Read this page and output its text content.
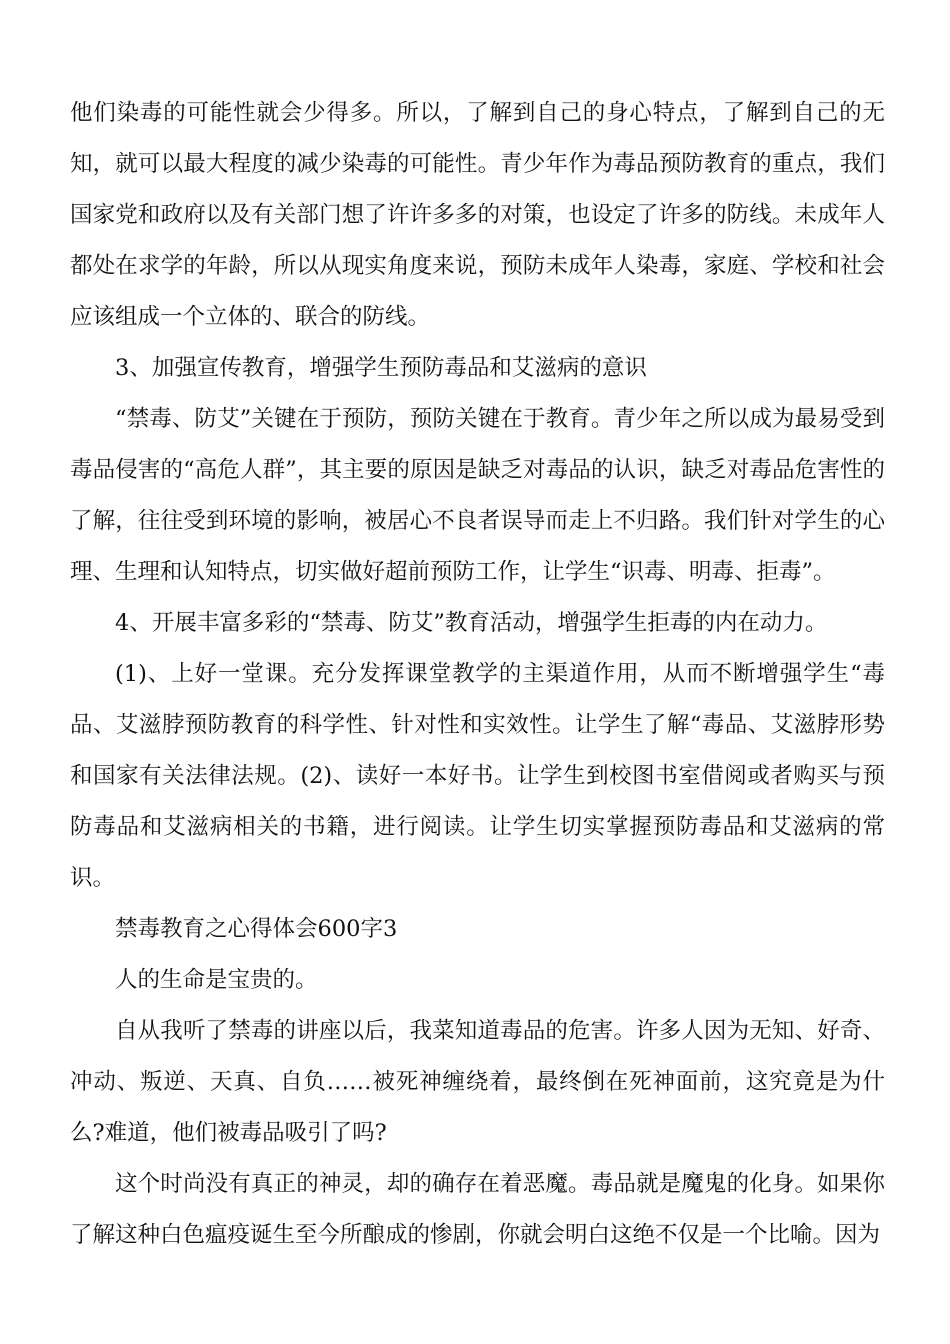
他们染毒的可能性就会少得多。所以，了解到自己的身心特点，了解到自己的无知，就可以最大程度的减少染毒的可能性。青少年作为毒品预防教育的重点，我们国家党和政府以及有关部门想了许许多多的对策，也设定了许多的防线。未成年人都处在求学的年龄，所以从现实角度来说，预防未成年人染毒，家庭、学校和社会应该组成一个立体的、联合的防线。

3、加强宣传教育，增强学生预防毒品和艾滋病的意识

“禁毒、防艾”关键在于预防，预防关键在于教育。青少年之所以成为最易受到毒品侵害的“高危人群”，其主要的原因是缺乏对毒品的认识，缺乏对毒品危害性的了解，往往受到环境的影响，被居心不良者误导而走上不归路。我们针对学生的心理、生理和认知特点，切实做好超前预防工作，让学生“识毒、明毒、拒毒”。

4、开展丰富多彩的“禁毒、防艾”教育活动，增强学生拒毒的内在动力。

(1)、上好一堂课。充分发挥课堂教学的主渠道作用，从而不断增强学生“毒品、艾滋脖预防教育的科学性、针对性和实效性。让学生了解“毒品、艾滋脖形势和国家有关法律法规。(2)、读好一本好书。让学生到校图书室借阅或者购买与预防毒品和艾滋病相关的书籍，进行阅读。让学生切实掌握预防毒品和艾滋病的常识。

禁毒教育之心得体会600字3

人的生命是宝贵的。

自从我听了禁毒的讲座以后，我菜知道毒品的危害。许多人因为无知、好奇、冲动、叛逆、天真、自负……被死神缠绕着，最终倒在死神面前，这究竟是为什么?难道，他们被毒品吸引了吗?

这个时尚没有真正的神灵，却的确存在着恶魔。毒品就是魔鬼的化身。如果你了解这种白色瘟疫诞生至今所酿成的惨剧，你就会明白这绝不仅是一个比喻。因为
